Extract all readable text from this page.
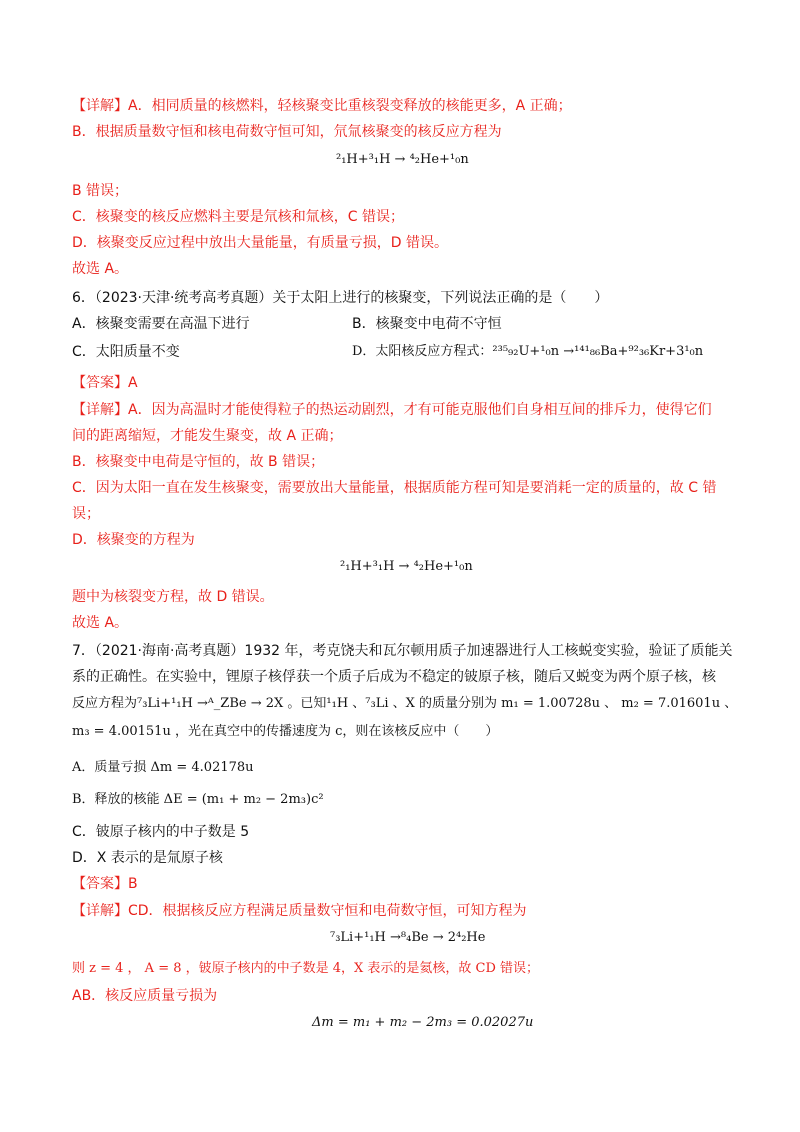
【详解】A．相同质量的核燃料，轻核聚变比重核裂变释放的核能更多，A 正确；
B．根据质量数守恒和核电荷数守恒可知，氘氚核聚变的核反应方程为
²₁H+³₁H → ⁴₂He+¹₀n
B 错误；
C．核聚变的核反应燃料主要是氘核和氚核，C 错误；
D．核聚变反应过程中放出大量能量，有质量亏损，D 错误。
故选 A。
6．（2023·天津·统考高考真题）关于太阳上进行的核聚变，下列说法正确的是（　　）
A．核聚变需要在高温下进行	B．核聚变中电荷不守恒
C．太阳质量不变	D．太阳核反应方程式：²³⁵₉₂U+¹₀n →¹⁴¹₈₆Ba+⁹²₃₆Kr+3¹₀n
【答案】A
【详解】A．因为高温时才能使得粒子的热运动剧烈，才有可能克服他们自身相互间的排斥力，使得它们
间的距离缩短，才能发生聚变，故 A 正确；
B．核聚变中电荷是守恒的，故 B 错误；
C．因为太阳一直在发生核聚变，需要放出大量能量，根据质能方程可知是要消耗一定的质量的，故 C 错
误；
D．核聚变的方程为
²₁H+³₁H → ⁴₂He+¹₀n
题中为核裂变方程，故 D 错误。
故选 A。
7．（2021·海南·高考真题）1932 年，考克饶夫和瓦尔顿用质子加速器进行人工核蜕变实验，验证了质能关
系的正确性。在实验中，锂原子核俘获一个质子后成为不稳定的铍原子核，随后又蜕变为两个原子核，核
反应方程为⁷₃Li+¹₁H →ᴬ_ZBe → 2X 。已知¹₁H 、⁷₃Li 、X 的质量分别为 m₁ = 1.00728u 、 m₂ = 7.01601u 、
m₃ = 4.00151u ，光在真空中的传播速度为 c，则在该核反应中（　　）
A．质量亏损 Δm = 4.02178u
B．释放的核能 ΔE = (m₁ + m₂ − 2m₃)c²
C．铍原子核内的中子数是 5
D．X 表示的是氚原子核
【答案】B
【详解】CD．根据核反应方程满足质量数守恒和电荷数守恒，可知方程为
⁷₃Li+¹₁H →⁸₄Be → 2⁴₂He
则 z = 4 ， A = 8 ，铍原子核内的中子数是 4，X 表示的是氦核，故 CD 错误；
AB．核反应质量亏损为
Δm = m₁ + m₂ − 2m₃ = 0.02027u
